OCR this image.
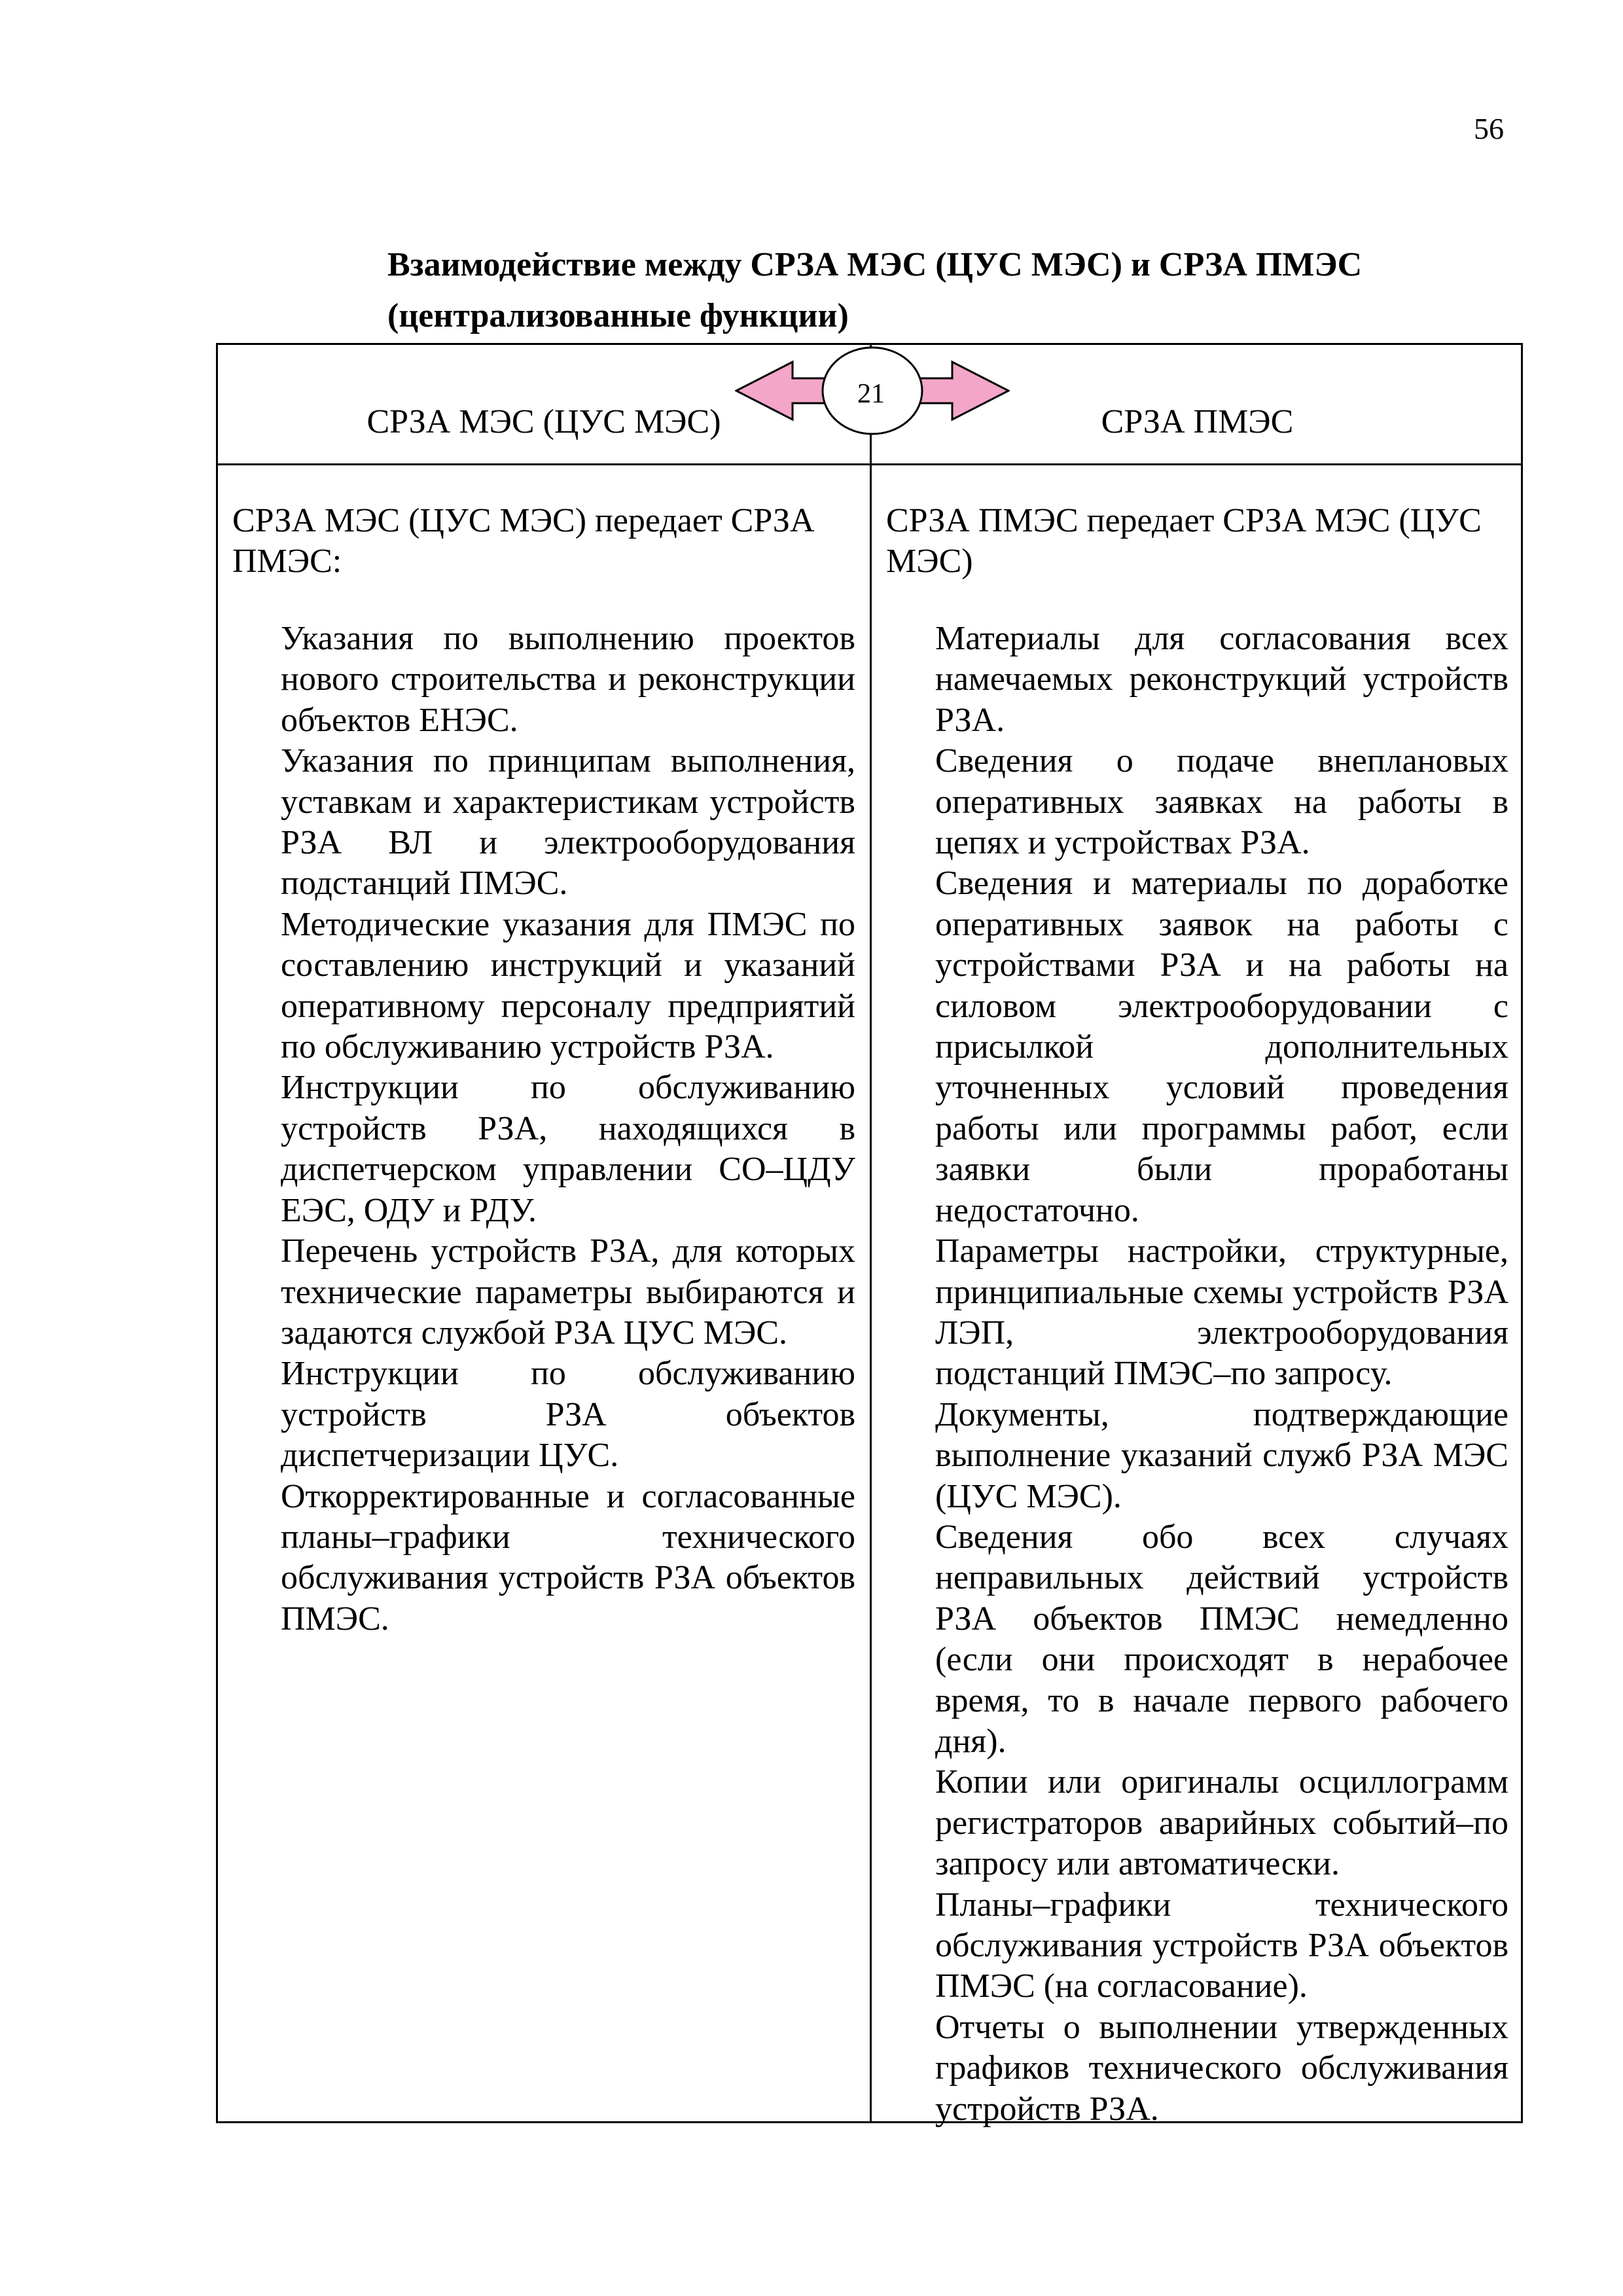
56
Взаимодействие между СРЗА МЭС (ЦУС МЭС) и СРЗА ПМЭС
(централизованные функции)
СРЗА МЭС (ЦУС МЭС)	СРЗА ПМЭС
21
СРЗА МЭС (ЦУС МЭС) передает СРЗА ПМЭС:
СРЗА ПМЭС передает СРЗА МЭС (ЦУС МЭС)
Указания по выполнению проектов нового строительства и реконструкции объектов ЕНЭС.
Указания по принципам выполнения, уставкам и характеристикам устройств РЗА ВЛ и электрооборудования подстанций ПМЭС.
Методические указания для ПМЭС по составлению инструкций и указаний оперативному персоналу предприятий по обслуживанию устройств РЗА.
Инструкции по обслуживанию устройств РЗА, находящихся в диспетчерском управлении СО–ЦДУ ЕЭС, ОДУ и РДУ.
Перечень устройств РЗА, для которых технические параметры выбираются и задаются службой РЗА ЦУС МЭС.
Инструкции по обслуживанию устройств РЗА объектов диспетчеризации ЦУС.
Откорректированные и согласованные планы–графики технического обслуживания устройств РЗА объектов ПМЭС.
Материалы для согласования всех намечаемых реконструкций устройств РЗА.
Сведения о подаче внеплановых оперативных заявках на работы в цепях и устройствах РЗА.
Сведения и материалы по доработке оперативных заявок на работы с устройствами РЗА и на работы на силовом электрооборудовании с присылкой дополнительных уточненных условий проведения работы или программы работ, если заявки были проработаны недостаточно.
Параметры настройки, структурные, принципиальные схемы устройств РЗА ЛЭП, электрооборудования подстанций ПМЭС–по запросу.
Документы, подтверждающие выполнение указаний служб РЗА МЭС (ЦУС МЭС).
Сведения обо всех случаях неправильных действий устройств РЗА объектов ПМЭС немедленно (если они происходят в нерабочее время, то в начале первого рабочего дня).
Копии или оригиналы осциллограмм регистраторов аварийных событий–по запросу или автоматически.
Планы–графики технического обслуживания устройств РЗА объектов ПМЭС (на согласование).
Отчеты о выполнении утвержденных графиков технического обслуживания устройств РЗА.
